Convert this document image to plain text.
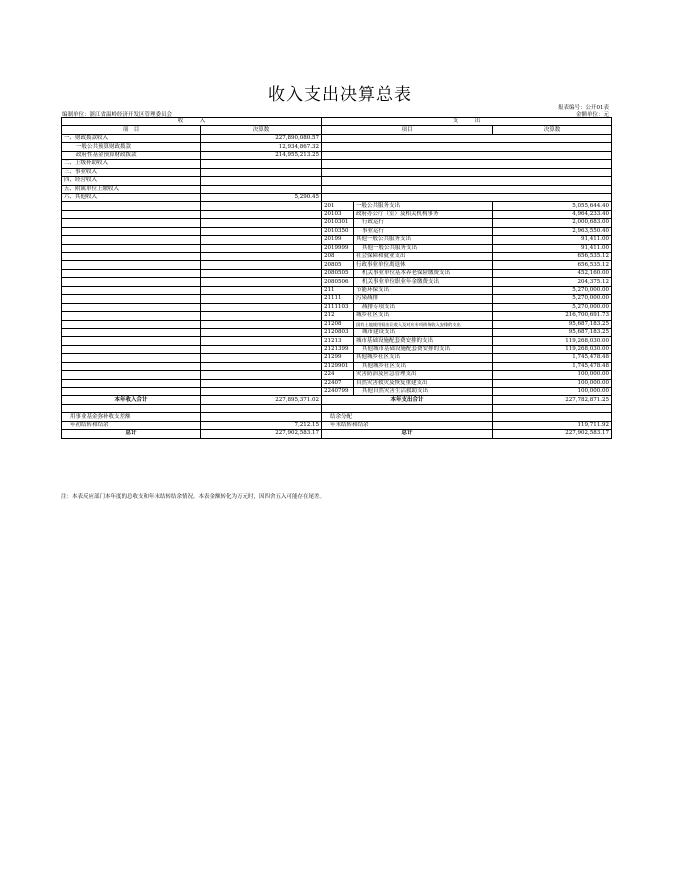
收入支出决算总表
报表编号：公开01表
金额单位：元
编制单位：浙江省温岭经济开发区管理委员会
收　　　入		支　　　出		
项　目	决算数	项目		决算数
一、财政拨款收入	227,890,080.57			
一般公共预算财政拨款	12,934,867.32			
政府性基金预算财政拨款	214,955,213.25			
二、上级补助收入				
三、事业收入				
四、经营收入				
五、附属单位上缴收入				
六、其他收入	5,290.45			
		201	一般公共服务支出	5,055,644.40
		20103	政府办公厅（室）及相关机构事务	4,964,233.40
		2010301	行政运行	2,000,683.00
		2010350	事业运行	2,963,550.40
		20199	其他一般公共服务支出	91,411.00
		2019999	其他一般公共服务支出	91,411.00
		208	社会保障和就业支出	656,535.12
		20805	行政事业单位离退休	656,535.12
		2080505	机关事业单位基本养老保险缴费支出	452,160.00
		2080506	机关事业单位职业年金缴费支出	204,375.12
		211	节能环保支出	5,270,000.00
		21111	污染减排	5,270,000.00
		2111103	减排专项支出	5,270,000.00
		212	城乡社区支出	216,700,691.73
		21208	国有土地使用权出让收入及对应专项债务收入安排的支出	95,687,183.25
		2120803	城市建设支出	95,687,183.25
		21213	城市基础设施配套费安排的支出	119,268,030.00
		2121399	其他城市基础设施配套费安排的支出	119,268,030.00
		21299	其他城乡社区支出	1,745,478.48
		2129901	其他城乡社区支出	1,745,478.48
		224	灾害防治及应急管理支出	100,000.00
		22407	自然灾害救灾及恢复重建支出	100,000.00
		2240799	其他自然灾害生活救助支出	100,000.00
本年收入合计	227,895,371.02	本年支出合计		227,782,871.25

用事业基金弥补收支差额		结余分配		
年初结转和结余	7,212.15	年末结转和结余		119,711.92
总计	227,902,583.17	总计		227,902,583.17
注：本表反应部门本年度的总收支和年末结转结余情况。本表金额转化为万元时，因四舍五入可能存在尾差。
